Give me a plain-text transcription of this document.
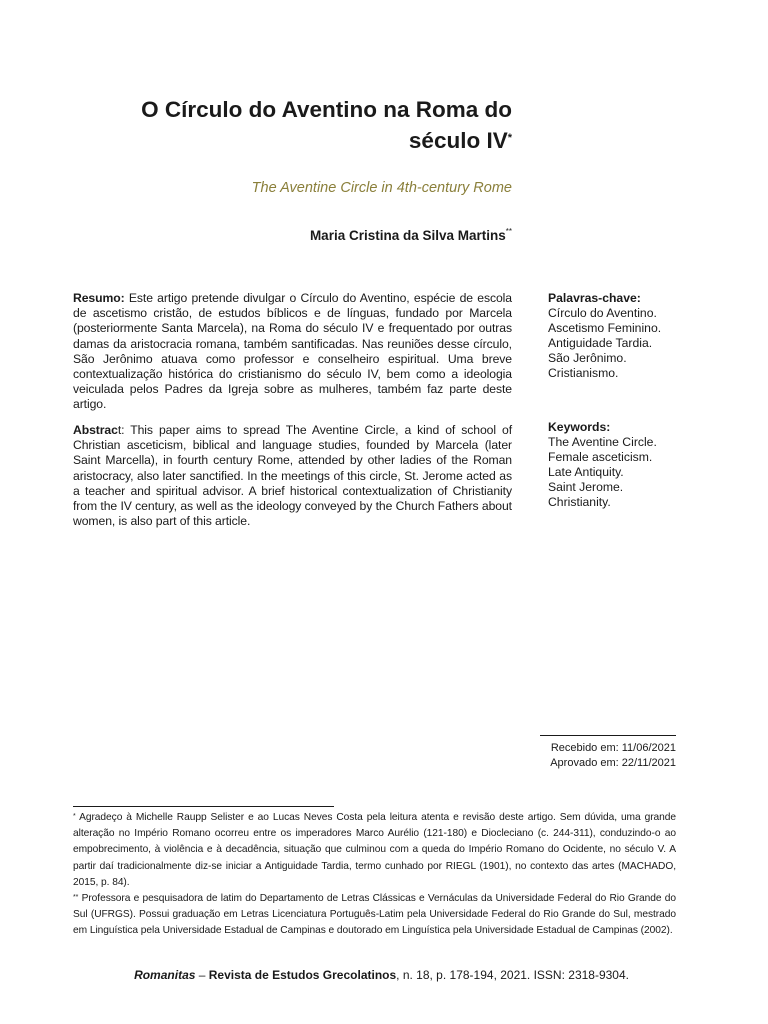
O Círculo do Aventino na Roma do
século IV*
The Aventine Circle in 4th-century Rome
Maria Cristina da Silva Martins**
Resumo: Este artigo pretende divulgar o Círculo do Aventino, espécie de escola de ascetismo cristão, de estudos bíblicos e de línguas, fundado por Marcela (posteriormente Santa Marcela), na Roma do século IV e frequentado por outras damas da aristocracia romana, também santificadas. Nas reuniões desse círculo, São Jerônimo atuava como professor e conselheiro espiritual. Uma breve contextualização histórica do cristianismo do século IV, bem como a ideologia veiculada pelos Padres da Igreja sobre as mulheres, também faz parte deste artigo.
Abstract: This paper aims to spread The Aventine Circle, a kind of school of Christian asceticism, biblical and language studies, founded by Marcela (later Saint Marcella), in fourth century Rome, attended by other ladies of the Roman aristocracy, also later sanctified. In the meetings of this circle, St. Jerome acted as a teacher and spiritual advisor. A brief historical contextualization of Christianity from the IV century, as well as the ideology conveyed by the Church Fathers about women, is also part of this article.
Palavras-chave:
Círculo do Aventino.
Ascetismo Feminino.
Antiguidade Tardia.
São Jerônimo.
Cristianismo.
Keywords:
The Aventine Circle.
Female asceticism.
Late Antiquity.
Saint Jerome.
Christianity.
Recebido em: 11/06/2021
Aprovado em: 22/11/2021

* Agradeço à Michelle Raupp Selister e ao Lucas Neves Costa pela leitura atenta e revisão deste artigo. Sem dúvida, uma grande alteração no Império Romano ocorreu entre os imperadores Marco Aurélio (121-180) e Diocleciano (c. 244-311), conduzindo-o ao empobrecimento, à violência e à decadência, situação que culminou com a queda do Império Romano do Ocidente, no século V. A partir daí tradicionalmente diz-se iniciar a Antiguidade Tardia, termo cunhado por RIEGL (1901), no contexto das artes (MACHADO, 2015, p. 84).

** Professora e pesquisadora de latim do Departamento de Letras Clássicas e Vernáculas da Universidade Federal do Rio Grande do Sul (UFRGS). Possui graduação em Letras Licenciatura Português-Latim pela Universidade Federal do Rio Grande do Sul, mestrado em Linguística pela Universidade Estadual de Campinas e doutorado em Linguística pela Universidade Estadual de Campinas (2002).

Romanitas – Revista de Estudos Grecolatinos, n. 18, p. 178-194, 2021. ISSN: 2318-9304.
